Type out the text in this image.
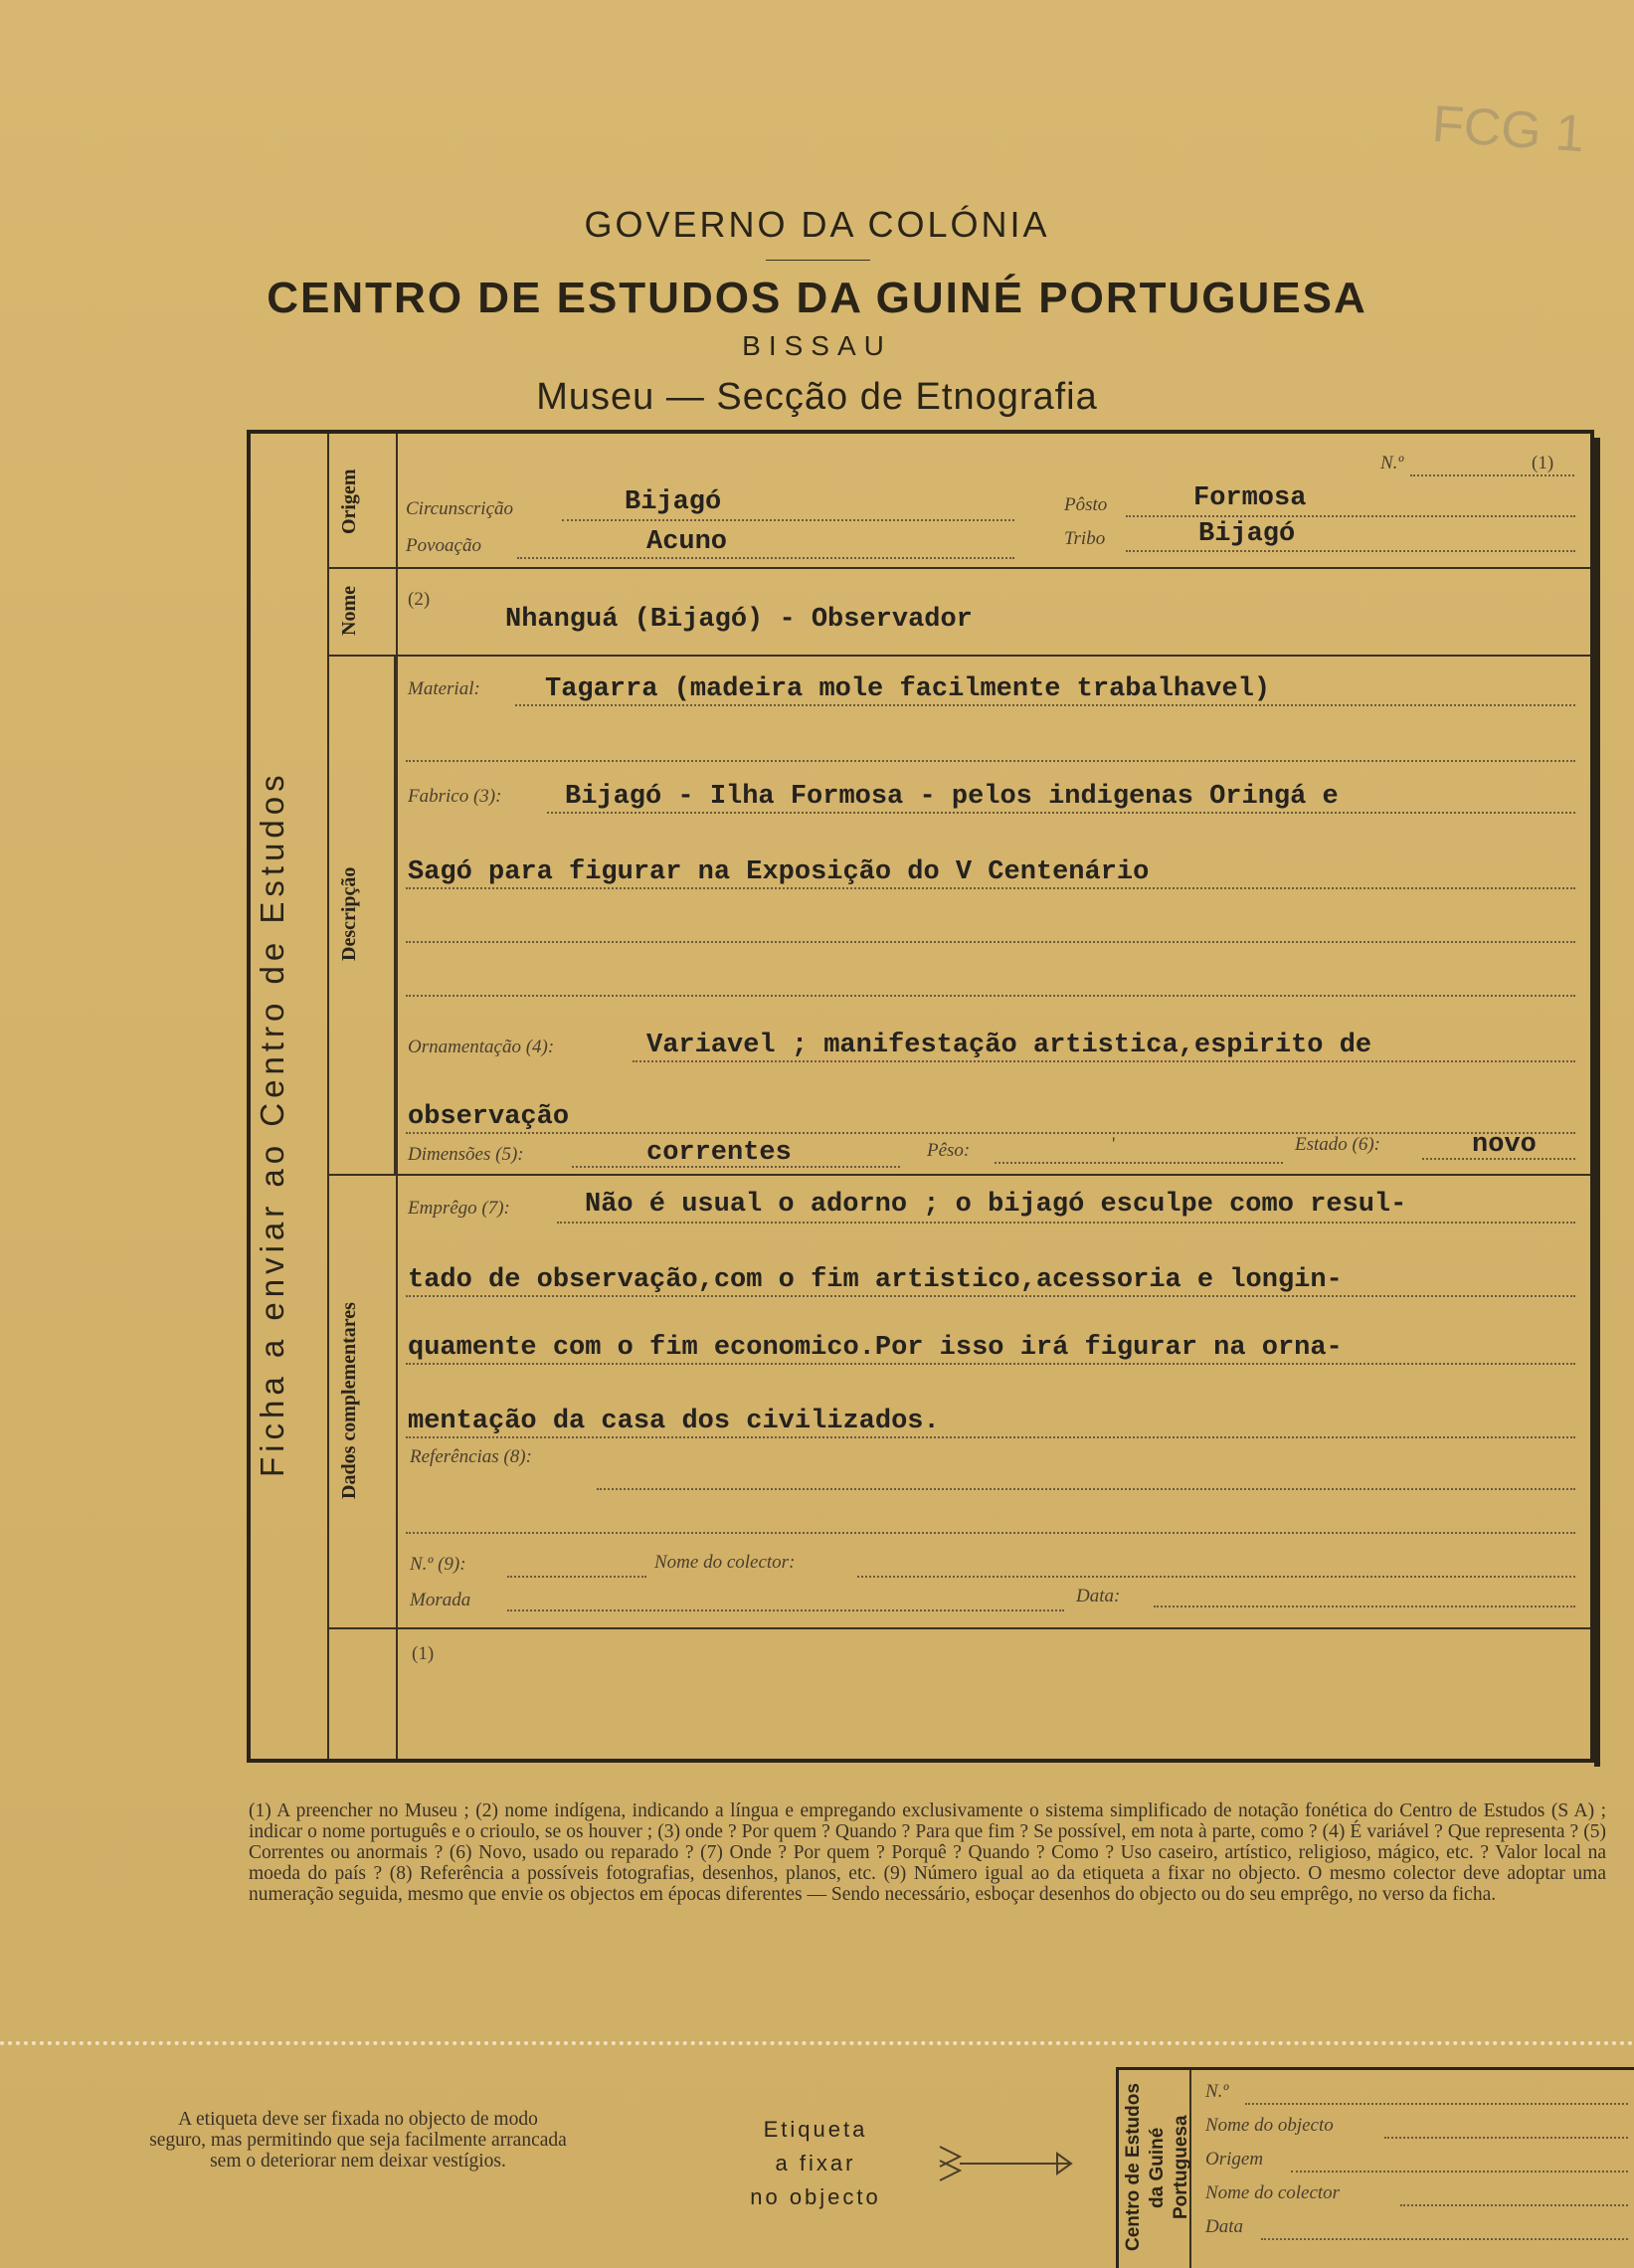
FCG 1
GOVERNO DA COLÓNIA
CENTRO DE ESTUDOS DA GUINÉ PORTUGUESA
BISSAU
Museu — Secção de Etnografia
Ficha a enviar ao Centro de Estudos
Origem
Nome
Descripção
Dados complementares
N.º	(1)
Circunscrição	Bijagó	Pôsto	Formosa
Povoação	Acuno	Tribo	Bijagó
(2)
Nhanguá (Bijagó) - Observador
Material: Tagarra (madeira mole facilmente trabalhavel)
Fabrico (3): Bijagó - Ilha Formosa - pelos indigenas Oringá e
Sagó para figurar na Exposição do V Centenário
Ornamentação (4):	Variavel ; manifestação artistica,espirito de
observação
Dimensões (5):	correntes	Pêso:	'	Estado (6):	novo
Emprêgo (7):	Não é usual o adorno ; o bijagó esculpe como resul-
tado de observação,com o fim artistico,acessoria e longin-
quamente com o fim economico.Por isso irá figurar na orna-
mentação da casa dos civilizados.
Referências (8):
N.º (9):	Nome do colector:
Morada	Data:
(1)
(1) A preencher no Museu ; (2) nome indígena, indicando a língua e empregando exclusivamente o sistema simplificado de notação fonética do Centro de Estudos (S A) ; indicar o nome português e o crioulo, se os houver ; (3) onde ? Por quem ? Quando ? Para que fim ? Se possível, em nota à parte, como ? (4) É variável ? Que representa ? (5) Correntes ou anormais ? (6) Novo, usado ou reparado ? (7) Onde ? Por quem ? Porquê ? Quando ? Como ? Uso caseiro, artístico, religioso, mágico, etc. ? Valor local na moeda do país ? (8) Referência a possíveis fotografias, desenhos, planos, etc. (9) Número igual ao da etiqueta a fixar no objecto. O mesmo colector deve adoptar uma numeração seguida, mesmo que envie os objectos em épocas diferentes — Sendo necessário, esboçar desenhos do objecto ou do seu emprêgo, no verso da ficha.
A etiqueta deve ser fixada no objecto de modo seguro, mas permitindo que seja facilmente arrancada sem o deteriorar nem deixar vestígios.
Etiqueta
a fixar
no objecto	Centro de Estudos da Guiné Portuguesa
N.º
Nome do objecto
Origem
Nome do colector
Data
